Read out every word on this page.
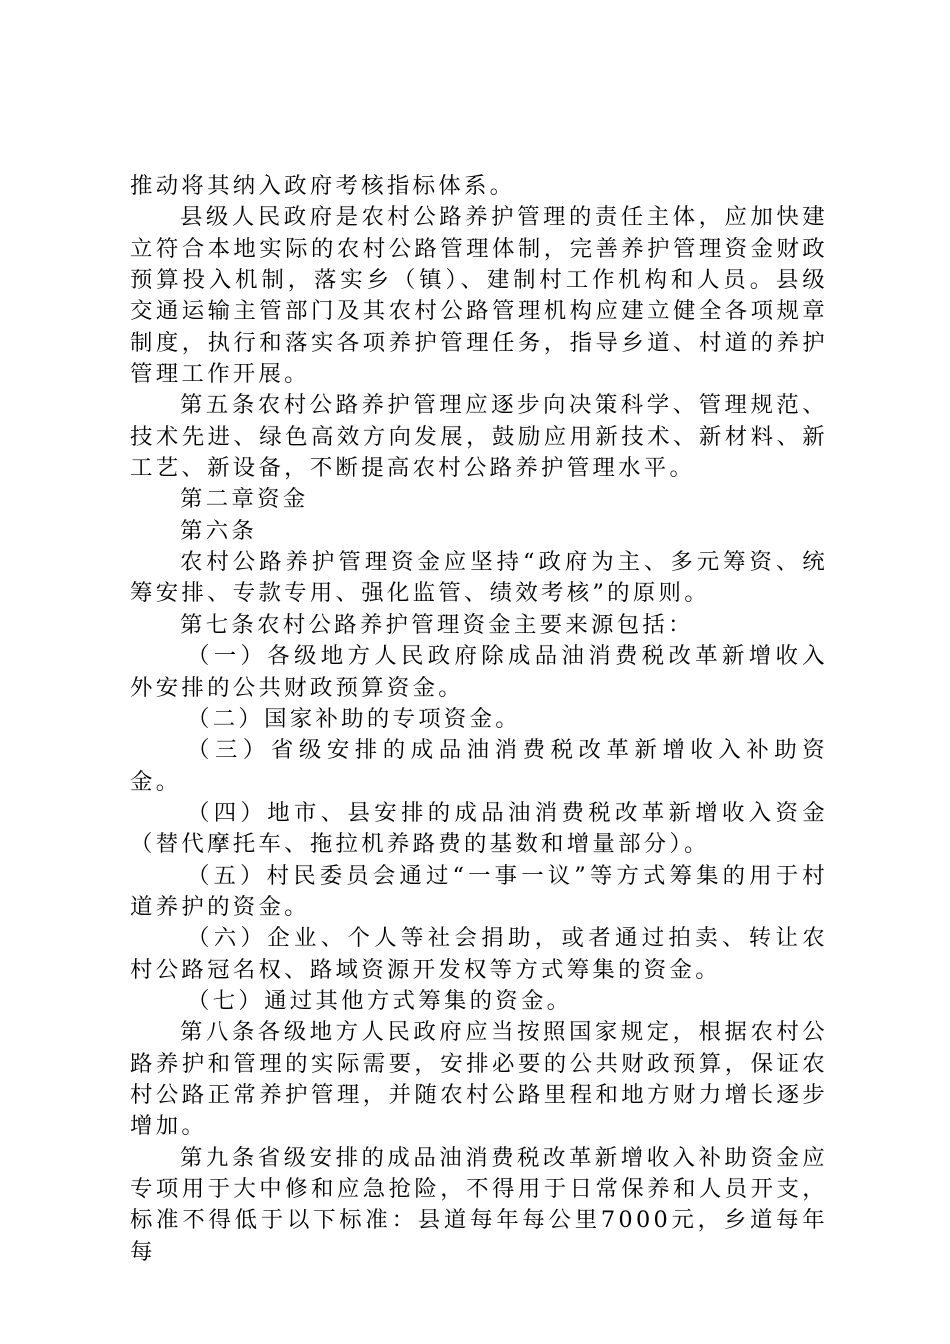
推动将其纳入政府考核指标体系。

县级人民政府是农村公路养护管理的责任主体，应加快建立符合本地实际的农村公路管理体制，完善养护管理资金财政预算投入机制，落实乡（镇）、建制村工作机构和人员。县级交通运输主管部门及其农村公路管理机构应建立健全各项规章制度，执行和落实各项养护管理任务，指导乡道、村道的养护管理工作开展。

第五条农村公路养护管理应逐步向决策科学、管理规范、技术先进、绿色高效方向发展，鼓励应用新技术、新材料、新工艺、新设备，不断提高农村公路养护管理水平。

第二章资金

第六条

农村公路养护管理资金应坚持“政府为主、多元筹资、统筹安排、专款专用、强化监管、绩效考核”的原则。

第七条农村公路养护管理资金主要来源包括：

（一）各级地方人民政府除成品油消费税改革新增收入外安排的公共财政预算资金。

（二）国家补助的专项资金。

（三）省级安排的成品油消费税改革新增收入补助资金。

（四）地市、县安排的成品油消费税改革新增收入资金（替代摩托车、拖拉机养路费的基数和增量部分）。

（五）村民委员会通过“一事一议”等方式筹集的用于村道养护的资金。

（六）企业、个人等社会捐助，或者通过拍卖、转让农村公路冠名权、路域资源开发权等方式筹集的资金。

（七）通过其他方式筹集的资金。

第八条各级地方人民政府应当按照国家规定，根据农村公路养护和管理的实际需要，安排必要的公共财政预算，保证农村公路正常养护管理，并随农村公路里程和地方财力增长逐步增加。

第九条省级安排的成品油消费税改革新增收入补助资金应专项用于大中修和应急抢险，不得用于日常保养和人员开支，标准不得低于以下标准：县道每年每公里7000元，乡道每年每
